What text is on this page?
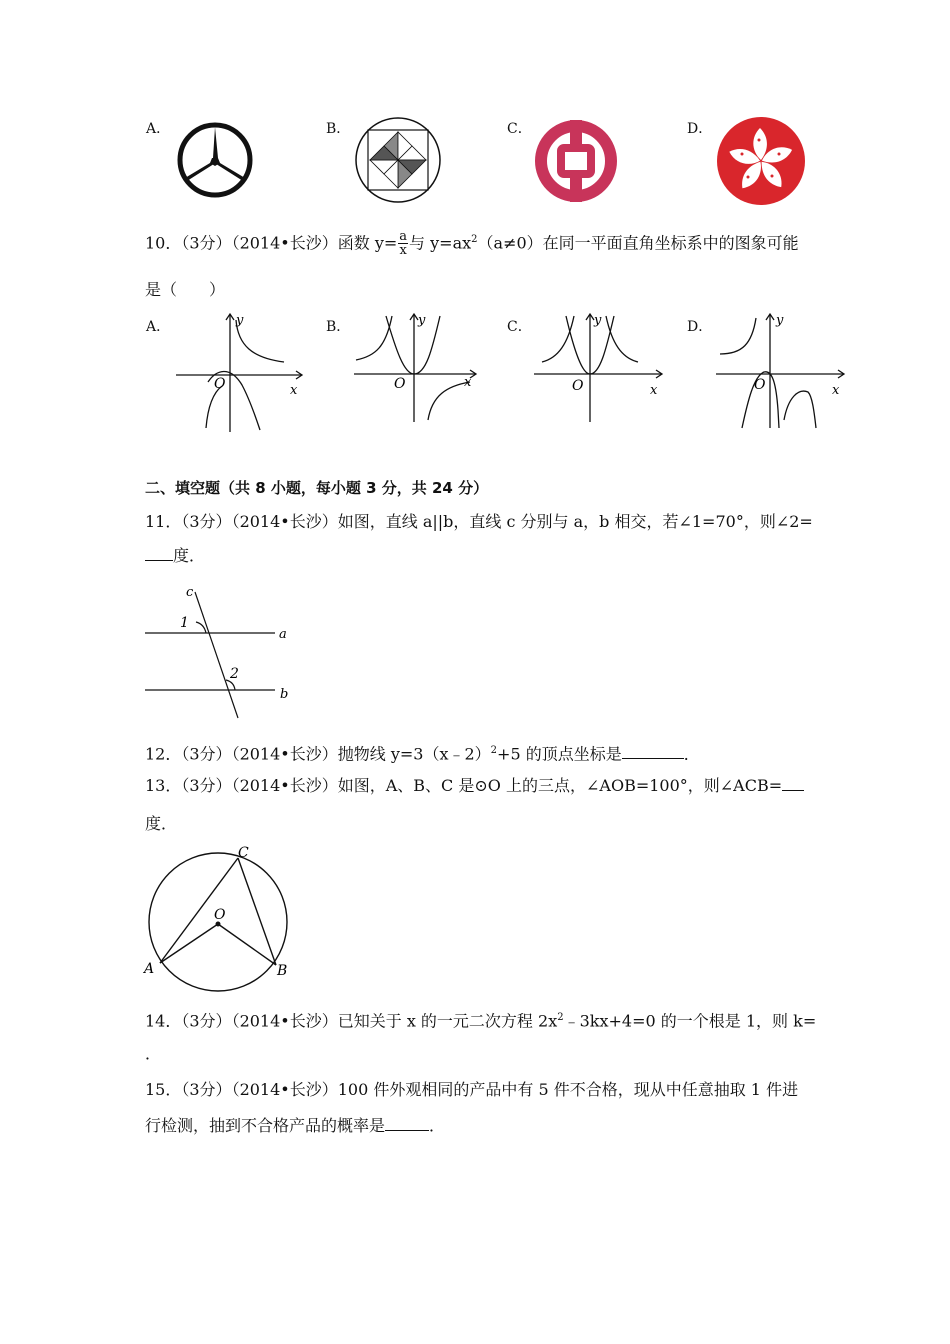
A．	B．	C．	D．
10．（3分）（2014•长沙）函数 $y= \frac{a}{x}$ 与 $y=ax^2(a\ne 0)$在同一平面直角坐标系中的图象可能
是（　　）
A．	B．	C．	D．
y
x
O
y
x
O
y
x
O
y
x
O
二、填空题（共 8 小题，每小题 3 分，共 24 分）
11．（3分）（2014•长沙）如图，直线 a||b，直线 c 分别与 a，b 相交，若∠1=70°，则∠2=
度．
c
1
a
2
b
12．（3分）（2014•长沙）抛物线 y=3（x﹣2）$^2$+5 的顶点坐标是	．
13．（3分）（2014•长沙）如图，A、B、C 是⊙O 上的三点，∠AOB=100°，则∠ACB=
度．
C
O
A	B
14．（3分）（2014•长沙）已知关于 x 的一元二次方程 $2x^2﹣3kx+4=0$ 的一个根是 1，则 k=
．
15．（3分）（2014•长沙）100 件外观相同的产品中有 5 件不合格，现从中任意抽取 1 件进
行检测，抽到不合格产品的概率是	．
